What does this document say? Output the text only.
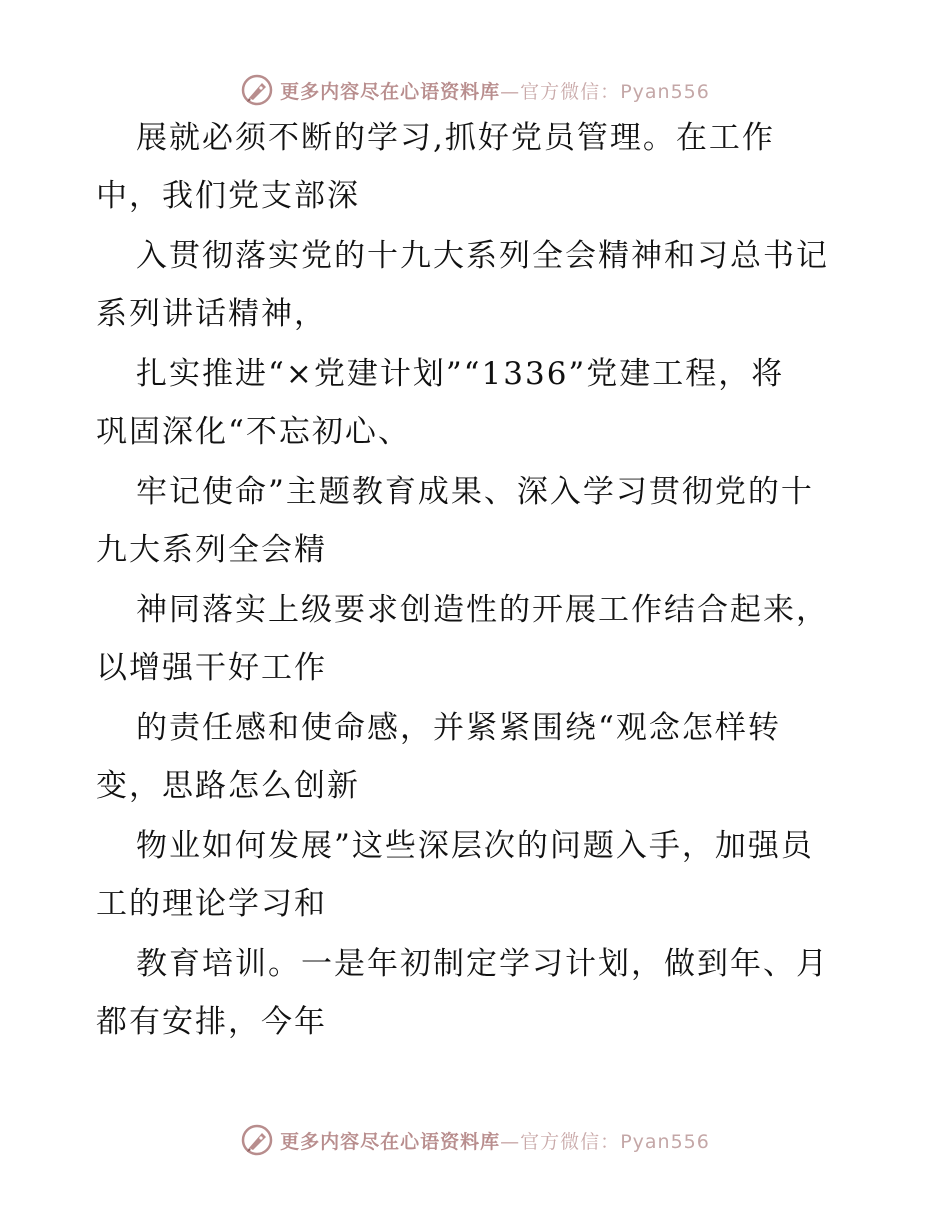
更多内容尽在心语资料库—官方微信：Pyan556
展就必须不断的学习,抓好党员管理。在工作
中，我们党支部深
入贯彻落实党的十九大系列全会精神和习总书记
系列讲话精神，
扎实推进“×党建计划”“1336”党建工程，将
巩固深化“不忘初心、
牢记使命”主题教育成果、深入学习贯彻党的十
九大系列全会精
神同落实上级要求创造性的开展工作结合起来，
以增强干好工作
的责任感和使命感，并紧紧围绕“观念怎样转
变，思路怎么创新
物业如何发展”这些深层次的问题入手，加强员
工的理论学习和
教育培训。一是年初制定学习计划，做到年、月
都有安排，今年
更多内容尽在心语资料库—官方微信：Pyan556
